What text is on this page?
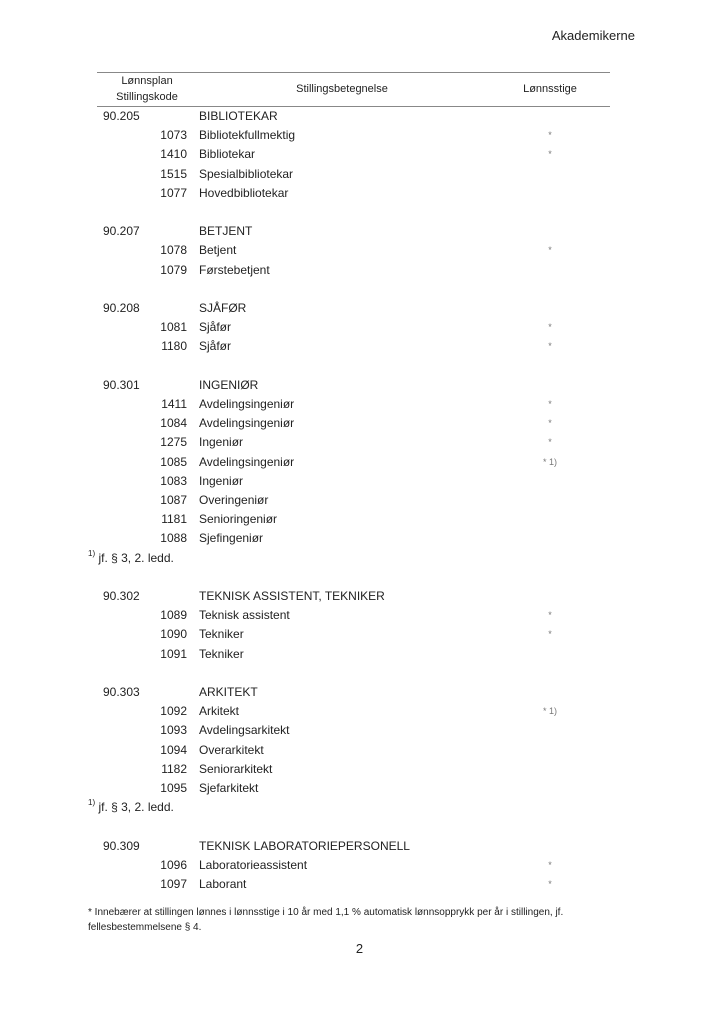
Akademikerne
Lønnsplan
Stillingskode
Stillingsbetegnelse	Lønnsstige
90.205	BIBLIOTEKAR
1073 Bibliotekfullmektig	*
1410 Bibliotekar	*
1515 Spesialbibliotekar
1077 Hovedbibliotekar
90.207	BETJENT
1078 Betjent	*
1079 Førstebetjent
90.208	SJÅFØR
1081 Sjåfør	*
1180 Sjåfør	*
90.301	INGENIØR
1411 Avdelingsingeniør	*
1084 Avdelingsingeniør	*
1275 Ingeniør	*
1085 Avdelingsingeniør	* 1)
1083 Ingeniør
1087 Overingeniør
1181 Senioringeniør
1088 Sjefingeniør
$^{1)}$ jf. § 3, 2. ledd.
90.302	TEKNISK ASSISTENT, TEKNIKER
1089 Teknisk assistent	*
1090 Tekniker	*
1091 Tekniker
90.303	ARKITEKT
1092 Arkitekt	* 1)
1093 Avdelingsarkitekt
1094 Overarkitekt
1182 Seniorarkitekt
1095 Sjefarkitekt
$^{1)}$ jf. § 3, 2. ledd.
90.309	TEKNISK LABORATORIEPERSONELL
1096 Laboratorieassistent	*
1097 Laborant	*
* Innebærer at stillingen lønnes i lønnsstige i 10 år med 1,1 % automatisk lønnsopprykk per år i stillingen, jf. fellesbestemmelsene § 4.
2
